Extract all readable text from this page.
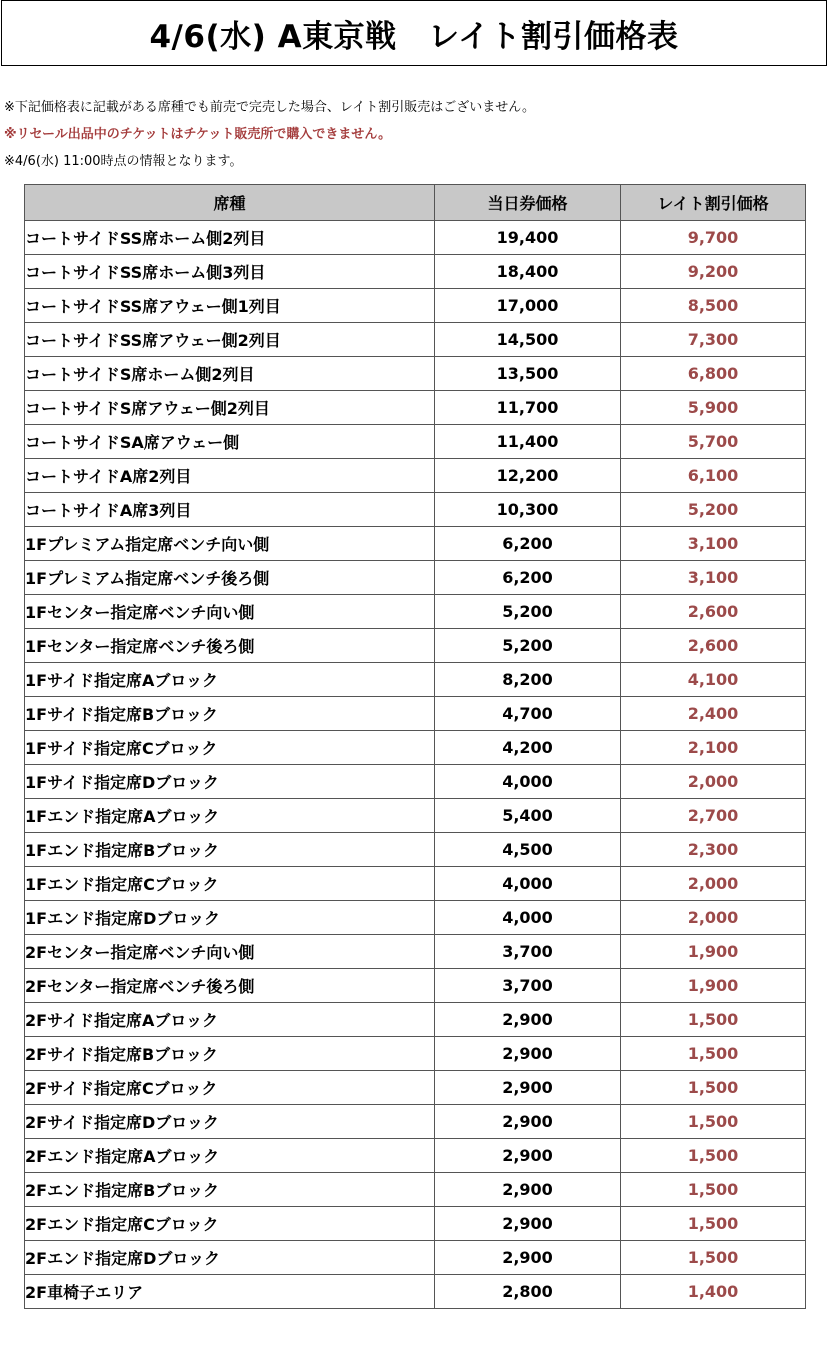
4/6(水) A東京戦　レイト割引価格表
※下記価格表に記載がある席種でも前売で完売した場合、レイト割引販売はございません。
※リセール出品中のチケットはチケット販売所で購入できません。
※4/6(水) 11:00時点の情報となります。
席種	当日券価格	レイト割引価格
コートサイドSS席ホーム側2列目	19,400	9,700
コートサイドSS席ホーム側3列目	18,400	9,200
コートサイドSS席アウェー側1列目	17,000	8,500
コートサイドSS席アウェー側2列目	14,500	7,300
コートサイドS席ホーム側2列目	13,500	6,800
コートサイドS席アウェー側2列目	11,700	5,900
コートサイドSA席アウェー側	11,400	5,700
コートサイドA席2列目	12,200	6,100
コートサイドA席3列目	10,300	5,200
1Fプレミアム指定席ベンチ向い側	6,200	3,100
1Fプレミアム指定席ベンチ後ろ側	6,200	3,100
1Fセンター指定席ベンチ向い側	5,200	2,600
1Fセンター指定席ベンチ後ろ側	5,200	2,600
1Fサイド指定席Aブロック	8,200	4,100
1Fサイド指定席Bブロック	4,700	2,400
1Fサイド指定席Cブロック	4,200	2,100
1Fサイド指定席Dブロック	4,000	2,000
1Fエンド指定席Aブロック	5,400	2,700
1Fエンド指定席Bブロック	4,500	2,300
1Fエンド指定席Cブロック	4,000	2,000
1Fエンド指定席Dブロック	4,000	2,000
2Fセンター指定席ベンチ向い側	3,700	1,900
2Fセンター指定席ベンチ後ろ側	3,700	1,900
2Fサイド指定席Aブロック	2,900	1,500
2Fサイド指定席Bブロック	2,900	1,500
2Fサイド指定席Cブロック	2,900	1,500
2Fサイド指定席Dブロック	2,900	1,500
2Fエンド指定席Aブロック	2,900	1,500
2Fエンド指定席Bブロック	2,900	1,500
2Fエンド指定席Cブロック	2,900	1,500
2Fエンド指定席Dブロック	2,900	1,500
2F車椅子エリア	2,800	1,400
